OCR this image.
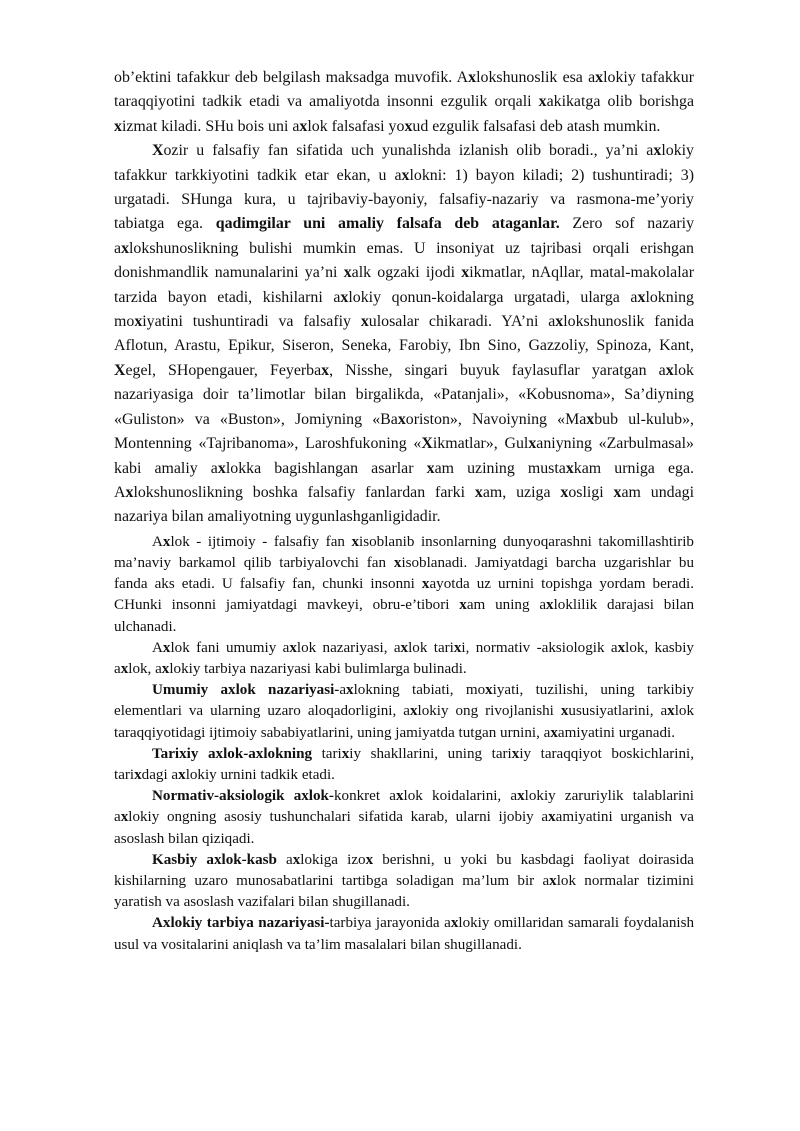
ob’ektini tafakkur deb belgilash maksadga muvofik. Axlokshunoslik esa axlokiy tafakkur taraqqiyotini tadkik etadi va amaliyotda insonni ezgulik orqali xakikatga olib borishga xizmat kiladi. SHu bois uni axlok falsafasi yoxud ezgulik falsafasi deb atash mumkin.

Xozir u falsafiy fan sifatida uch yunalishda izlanish olib boradi., ya’ni axlokiy tafakkur tarkkiyotini tadkik etar ekan, u axlokni: 1) bayon kiladi; 2) tushuntiradi; 3) urgatadi. SHunga kura, u tajribaviy-bayoniy, falsafiy-nazariy va rasmona-me’yoriy tabiatga ega. qadimgilar uni amaliy falsafa deb ataganlar. Zero sof nazariy axlokshunoslikning bulishi mumkin emas. U insoniyat uz tajribasi orqali erishgan donishmandlik namunalarini ya’ni xalk ogzaki ijodi xikmatlar, nAqllar, matal-makolalar tarzida bayon etadi, kishilarni axlokiy qonun-koidalarga urgatadi, ularga axlokning moxiyatini tushuntiradi va falsafiy xulosalar chikaradi. YA’ni axlokshunoslik fanida Aflotun, Arastu, Epikur, Siseron, Seneka, Farobiy, Ibn Sino, Gazzoliy, Spinoza, Kant, Xegel, SHopengauer, Feyerbax, Nisshe, singari buyuk faylasuflar yaratgan axlok nazariyasiga doir ta’limotlar bilan birgalikda, «Patanjali», «Kobusnoma», Sa’diyning «Guliston» va «Buston», Jomiyning «Baxoriston», Navoiyning «Maxbub ul-kulub», Montenning «Tajribanoma», Laroshfukoning «Xikmatlar», Gulxaniyning «Zarbulmasal» kabi amaliy axlokka bagishlangan asarlar xam uzining mustaxkam urniga ega. Axlokshunoslikning boshka falsafiy fanlardan farki xam, uziga xosligi xam undagi nazariya bilan amaliyotning uygunlashganligidadir.

Axlok - ijtimoiy - falsafiy fan xisoblanib insonlarning dunyoqarashni takomillashtirib ma’naviy barkamol qilib tarbiyalovchi fan xisoblanadi. Jamiyatdagi barcha uzgarishlar bu fanda aks etadi. U falsafiy fan, chunki insonni xayotda uz urnini topishga yordam beradi. CHunki insonni jamiyatdagi mavkeyi, obru-e’tibori xam uning axloklilik darajasi bilan ulchanadi.

Axlok fani umumiy axlok nazariyasi, axlok tarixi, normativ -aksiologik axlok, kasbiy axlok, axlokiy tarbiya nazariyasi kabi bulimlarga bulinadi.

Umumiy axlok nazariyasi-axlokning tabiati, moxiyati, tuzilishi, uning tarkibiy elementlari va ularning uzaro aloqadorligini, axlokiy ong rivojlanishi xususiyatlarini, axlok taraqqiyotidagi ijtimoiy sababiyatlarini, uning jamiyatda tutgan urnini, axamiyatini urganadi.

Tarixiy axlok-axlokning tarixiy shakllarini, uning tarixiy taraqqiyot boskichlarini, tarixdagi axlokiy urnini tadkik etadi.

Normativ-aksiologik axlok-konkret axlok koidalarini, axlokiy zaruriylik talablarini axlokiy ongning asosiy tushunchalari sifatida karab, ularni ijobiy axamiyatini urganish va asoslash bilan qiziqadi.

Kasbiy axlok-kasb axlokiga izox berishni, u yoki bu kasbdagi faoliyat doirasida kishilarning uzaro munosabatlarini tartibga soladigan ma’lum bir axlok normalar tizimini yaratish va asoslash vazifalari bilan shugillanadi.

Axlokiy tarbiya nazariyasi-tarbiya jarayonida axlokiy omillaridan samarali foydalanish usul va vositalarini aniqlash va ta’lim masalalari bilan shugillanadi.
